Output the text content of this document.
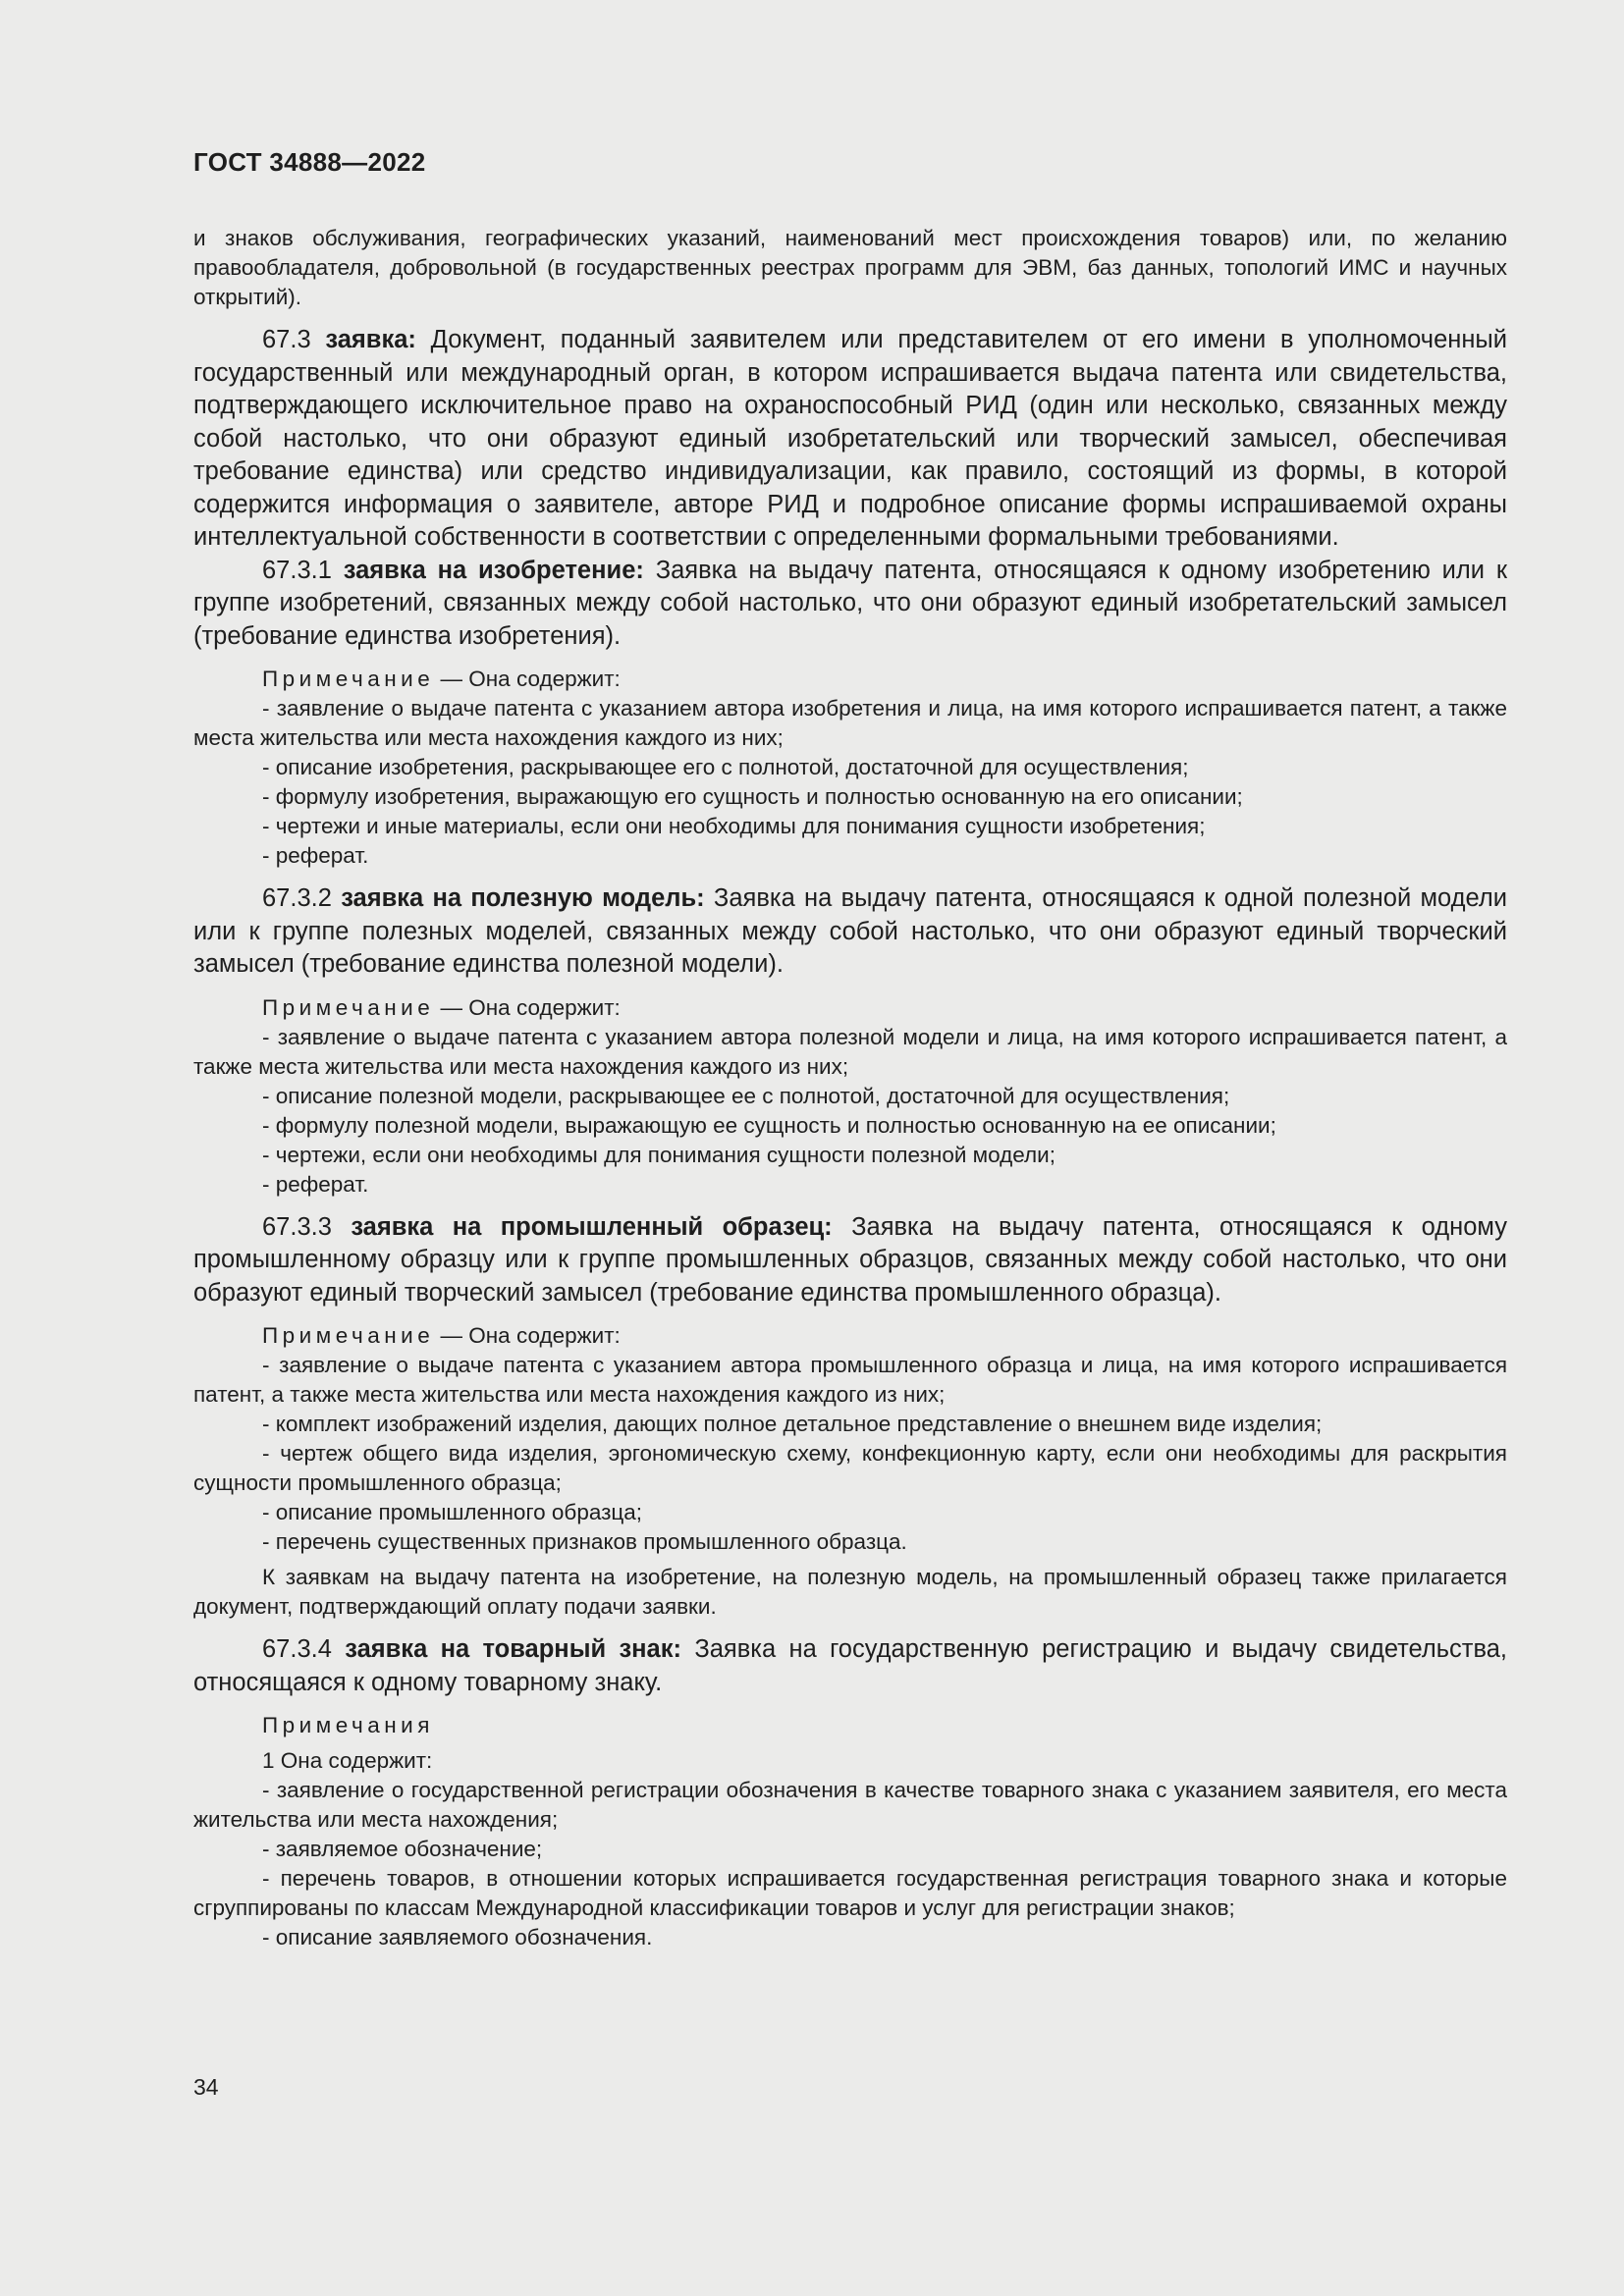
ГОСТ 34888—2022

и знаков обслуживания, географических указаний, наименований мест происхождения товаров) или, по желанию правообладателя, добровольной (в государственных реестрах программ для ЭВМ, баз данных, топологий ИМС и научных открытий).

67.3 заявка: Документ, поданный заявителем или представителем от его имени в уполномоченный государственный или международный орган, в котором испрашивается выдача патента или свидетельства, подтверждающего исключительное право на охраноспособный РИД (один или несколько, связанных между собой настолько, что они образуют единый изобретательский или творческий замысел, обеспечивая требование единства) или средство индивидуализации, как правило, состоящий из формы, в которой содержится информация о заявителе, авторе РИД и подробное описание формы испрашиваемой охраны интеллектуальной собственности в соответствии с определенными формальными требованиями.

67.3.1 заявка на изобретение: Заявка на выдачу патента, относящаяся к одному изобретению или к группе изобретений, связанных между собой настолько, что они образуют единый изобретательский замысел (требование единства изобретения).

Примечание — Она содержит:

- заявление о выдаче патента с указанием автора изобретения и лица, на имя которого испрашивается патент, а также места жительства или места нахождения каждого из них;

- описание изобретения, раскрывающее его с полнотой, достаточной для осуществления;

- формулу изобретения, выражающую его сущность и полностью основанную на его описании;

- чертежи и иные материалы, если они необходимы для понимания сущности изобретения;

- реферат.

67.3.2 заявка на полезную модель: Заявка на выдачу патента, относящаяся к одной полезной модели или к группе полезных моделей, связанных между собой настолько, что они образуют единый творческий замысел (требование единства полезной модели).

Примечание — Она содержит:

- заявление о выдаче патента с указанием автора полезной модели и лица, на имя которого испрашивается патент, а также места жительства или места нахождения каждого из них;

- описание полезной модели, раскрывающее ее с полнотой, достаточной для осуществления;

- формулу полезной модели, выражающую ее сущность и полностью основанную на ее описании;

- чертежи, если они необходимы для понимания сущности полезной модели;

- реферат.

67.3.3 заявка на промышленный образец: Заявка на выдачу патента, относящаяся к одному промышленному образцу или к группе промышленных образцов, связанных между собой настолько, что они образуют единый творческий замысел (требование единства промышленного образца).

Примечание — Она содержит:

- заявление о выдаче патента с указанием автора промышленного образца и лица, на имя которого испрашивается патент, а также места жительства или места нахождения каждого из них;

- комплект изображений изделия, дающих полное детальное представление о внешнем виде изделия;

- чертеж общего вида изделия, эргономическую схему, конфекционную карту, если они необходимы для раскрытия сущности промышленного образца;

- описание промышленного образца;

- перечень существенных признаков промышленного образца.

К заявкам на выдачу патента на изобретение, на полезную модель, на промышленный образец также прилагается документ, подтверждающий оплату подачи заявки.

67.3.4 заявка на товарный знак: Заявка на государственную регистрацию и выдачу свидетельства, относящаяся к одному товарному знаку.

Примечания

1 Она содержит:

- заявление о государственной регистрации обозначения в качестве товарного знака с указанием заявителя, его места жительства или места нахождения;

- заявляемое обозначение;

- перечень товаров, в отношении которых испрашивается государственная регистрация товарного знака и которые сгруппированы по классам Международной классификации товаров и услуг для регистрации знаков;

- описание заявляемого обозначения.

34
